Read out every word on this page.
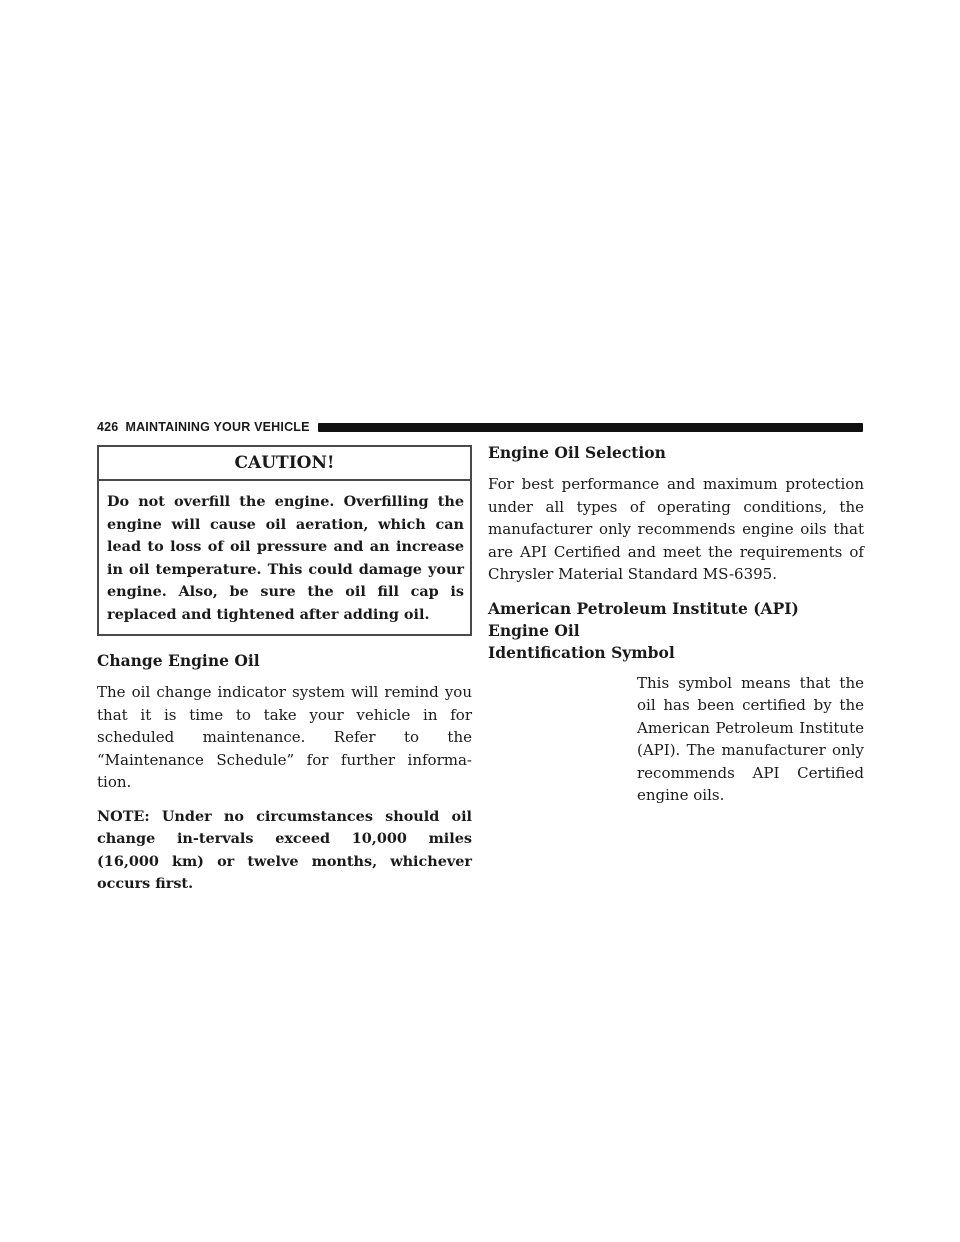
426 MAINTAINING YOUR VEHICLE
CAUTION!
Do not overfill the engine. Overfilling the engine will cause oil aeration, which can lead to loss of oil pressure and an increase in oil temperature. This could damage your engine. Also, be sure the oil fill cap is replaced and tightened after adding oil.
Change Engine Oil

The oil change indicator system will remind you that it is time to take your vehicle in for scheduled maintenance. Refer to the “Maintenance Schedule” for further informa-tion.

NOTE: Under no circumstances should oil change in-tervals exceed 10,000 miles (16,000 km) or twelve months, whichever occurs first.

Engine Oil Selection

For best performance and maximum protection under all types of operating conditions, the manufacturer only recommends engine oils that are API Certified and meet the requirements of Chrysler Material Standard MS-6395.

American Petroleum Institute (API) Engine Oil
Identification Symbol

This symbol means that the oil has been certified by the American Petroleum Institute (API). The manufacturer only recommends API Certified engine oils.
